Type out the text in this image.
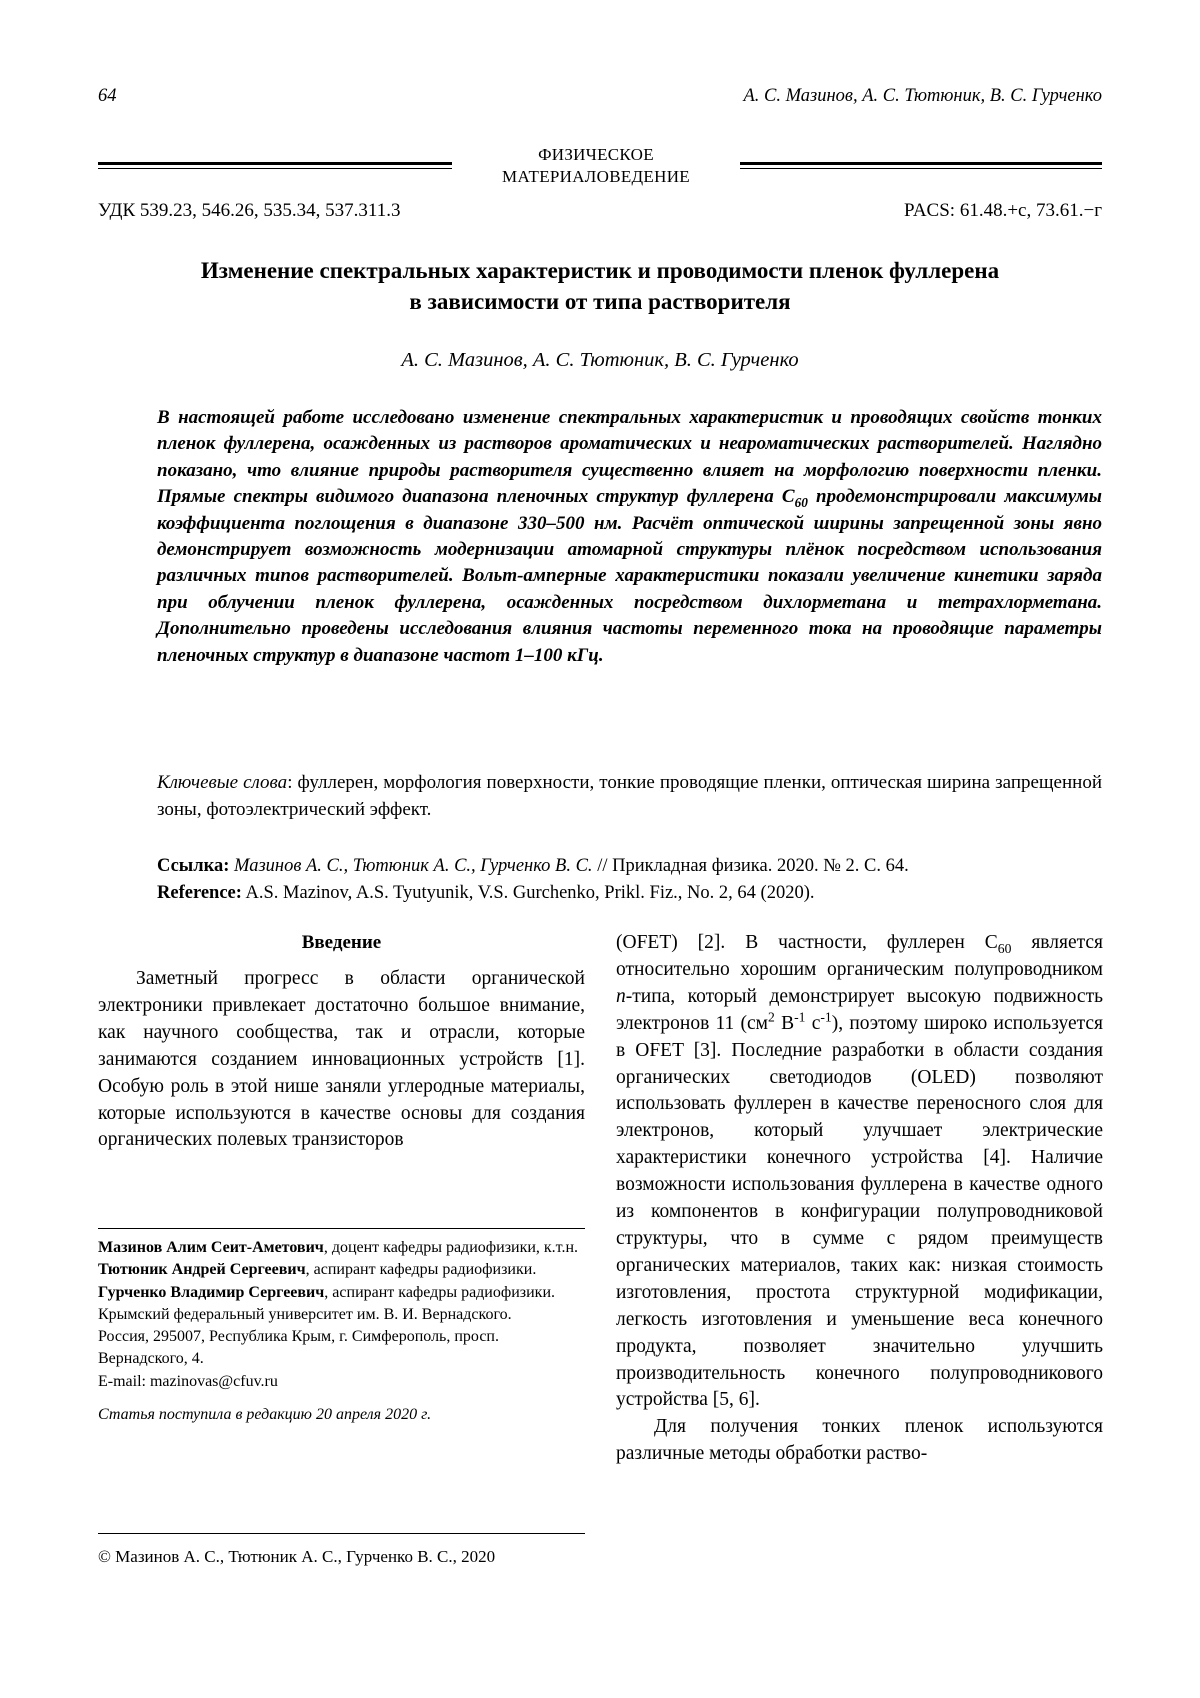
64	А. С. Мазинов, А. С. Тютюник, В. С. Гурченко
ФИЗИЧЕСКОЕ
МАТЕРИАЛОВЕДЕНИЕ
УДК 539.23, 546.26, 535.34, 537.311.3	PACS: 61.48.+c, 73.61.−г
Изменение спектральных характеристик и проводимости пленок фуллерена
в зависимости от типа растворителя
А. С. Мазинов, А. С. Тютюник, В. С. Гурченко

В настоящей работе исследовано изменение спектральных характеристик и проводящих свойств тонких пленок фуллерена, осажденных из растворов ароматических и неароматических растворителей. Наглядно показано, что влияние природы растворителя существенно влияет на морфологию поверхности пленки. Прямые спектры видимого диапазона пленочных структур фуллерена $C_{60}$ продемонстрировали максимумы коэффициента поглощения в диапазоне 330–500 нм. Расчёт оптической ширины запрещенной зоны явно демонстрирует возможность модернизации атомарной структуры плёнок посредством использования различных типов растворителей. Вольт-амперные характеристики показали увеличение кинетики заряда при облучении пленок фуллерена, осажденных посредством дихлорметана и тетрахлорметана. Дополнительно проведены исследования влияния частоты переменного тока на проводящие параметры пленочных структур в диапазоне частот 1–100 кГц.

Ключевые слова: фуллерен, морфология поверхности, тонкие проводящие пленки, оптическая ширина запрещенной зоны, фотоэлектрический эффект.

Ссылка: Мазинов А. С., Тютюник А. С., Гурченко В. С. // Прикладная физика. 2020. № 2. С. 64.
Reference: A.S. Mazinov, A.S. Tyutyunik, V.S. Gurchenko, Prikl. Fiz., No. 2, 64 (2020).

Введение

Заметный прогресс в области органической электроники привлекает достаточно большое внимание, как научного сообщества, так и отрасли, которые занимаются созданием инновационных устройств [1]. Особую роль в этой нише заняли углеродные материалы, которые используются в качестве основы для создания органических полевых транзисторов

(OFET) [2]. В частности, фуллерен $C_{60}$ является относительно хорошим органическим полупроводником n-типа, который демонстрирует высокую подвижность электронов 11 ($см^2$ $B^{-1}$ $c^{-1}$), поэтому широко используется в OFET [3]. Последние разработки в области создания органических светодиодов (OLED) позволяют использовать фуллерен в качестве переносного слоя для электронов, который улучшает электрические характеристики конечного устройства [4]. Наличие возможности использования фуллерена в качестве одного из компонентов в конфигурации полупроводниковой структуры, что в сумме с рядом преимуществ органических материалов, таких как: низкая стоимость изготовления, простота структурной модификации, легкость изготовления и уменьшение веса конечного продукта, позволяет значительно улучшить производительность конечного полупроводникового устройства [5, 6].

Для получения тонких пленок используются различные методы обработки раство-

Мазинов Алим Сеит-Аметович, доцент кафедры радиофизики, к.т.н.

Тютюник Андрей Сергеевич, аспирант кафедры радиофизики.

Гурченко Владимир Сергеевич, аспирант кафедры радиофизики.

Крымский федеральный университет им. В. И. Вернадского.

Россия, 295007, Республика Крым, г. Симферополь, просп. Вернадского, 4.

E-mail: mazinovas@cfuv.ru

Статья поступила в редакцию 20 апреля 2020 г.

© Мазинов А. С., Тютюник А. С., Гурченко В. С., 2020
